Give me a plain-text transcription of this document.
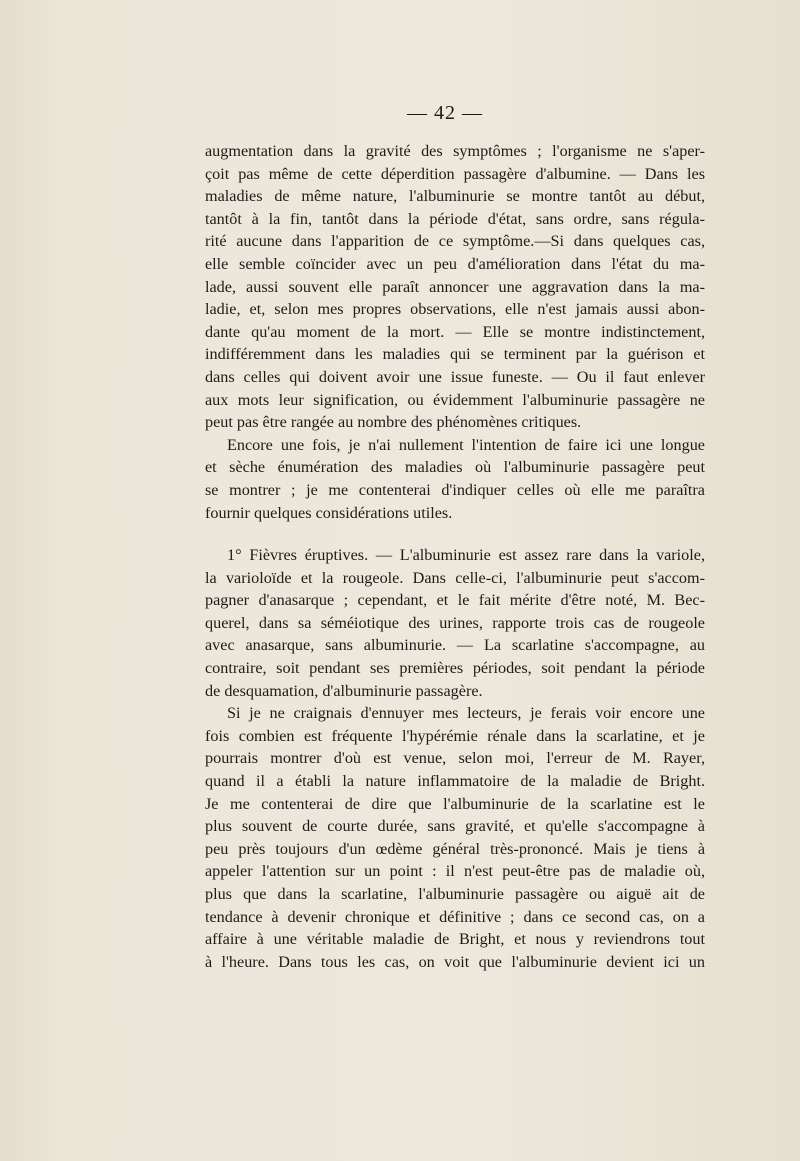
— 42 —
augmentation dans la gravité des symptômes ; l'organisme ne s'aper-
çoit pas même de cette déperdition passagère d'albumine. — Dans les
maladies de même nature, l'albuminurie se montre tantôt au début,
tantôt à la fin, tantôt dans la période d'état, sans ordre, sans régula-
rité aucune dans l'apparition de ce symptôme.—Si dans quelques cas,
elle semble coïncider avec un peu d'amélioration dans l'état du ma-
lade, aussi souvent elle paraît annoncer une aggravation dans la ma-
ladie, et, selon mes propres observations, elle n'est jamais aussi abon-
dante qu'au moment de la mort. — Elle se montre indistinctement,
indifféremment dans les maladies qui se terminent par la guérison et
dans celles qui doivent avoir une issue funeste. — Ou il faut enlever
aux mots leur signification, ou évidemment l'albuminurie passagère ne
peut pas être rangée au nombre des phénomènes critiques.
Encore une fois, je n'ai nullement l'intention de faire ici une longue
et sèche énumération des maladies où l'albuminurie passagère peut
se montrer ; je me contenterai d'indiquer celles où elle me paraîtra
fournir quelques considérations utiles.
1° Fièvres éruptives. — L'albuminurie est assez rare dans la variole,
la varioloïde et la rougeole. Dans celle-ci, l'albuminurie peut s'accom-
pagner d'anasarque ; cependant, et le fait mérite d'être noté, M. Bec-
querel, dans sa séméiotique des urines, rapporte trois cas de rougeole
avec anasarque, sans albuminurie. — La scarlatine s'accompagne, au
contraire, soit pendant ses premières périodes, soit pendant la période
de desquamation, d'albuminurie passagère.
Si je ne craignais d'ennuyer mes lecteurs, je ferais voir encore une
fois combien est fréquente l'hypérémie rénale dans la scarlatine, et je
pourrais montrer d'où est venue, selon moi, l'erreur de M. Rayer,
quand il a établi la nature inflammatoire de la maladie de Bright.
Je me contenterai de dire que l'albuminurie de la scarlatine est le
plus souvent de courte durée, sans gravité, et qu'elle s'accompagne à
peu près toujours d'un œdème général très-prononcé. Mais je tiens à
appeler l'attention sur un point : il n'est peut-être pas de maladie où,
plus que dans la scarlatine, l'albuminurie passagère ou aiguë ait de
tendance à devenir chronique et définitive ; dans ce second cas, on a
affaire à une véritable maladie de Bright, et nous y reviendrons tout
à l'heure. Dans tous les cas, on voit que l'albuminurie devient ici un
